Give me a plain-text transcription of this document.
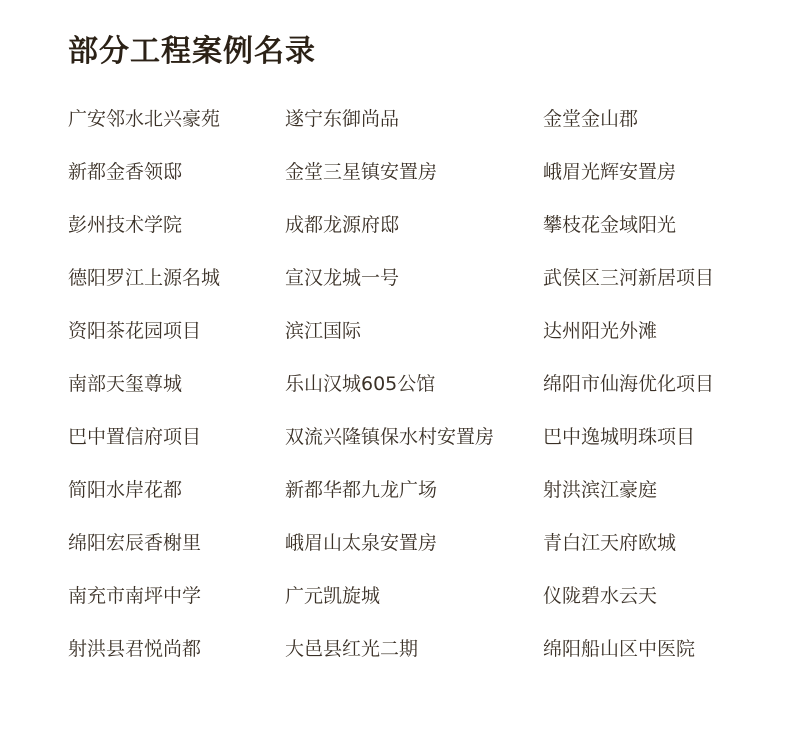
部分工程案例名录
广安邻水北兴豪苑	遂宁东御尚品	金堂金山郡
新都金香领邸	金堂三星镇安置房	峨眉光辉安置房
彭州技术学院	成都龙源府邸	攀枝花金域阳光
德阳罗江上源名城	宣汉龙城一号	武侯区三河新居项目
资阳茶花园项目	滨江国际	达州阳光外滩
南部天玺尊城	乐山汉城605公馆	绵阳市仙海优化项目
巴中置信府项目	双流兴隆镇保水村安置房	巴中逸城明珠项目
简阳水岸花都	新都华都九龙广场	射洪滨江豪庭
绵阳宏辰香榭里	峨眉山太泉安置房	青白江天府欧城
南充市南坪中学	广元凯旋城	仪陇碧水云天
射洪县君悦尚都	大邑县红光二期	绵阳船山区中医院
